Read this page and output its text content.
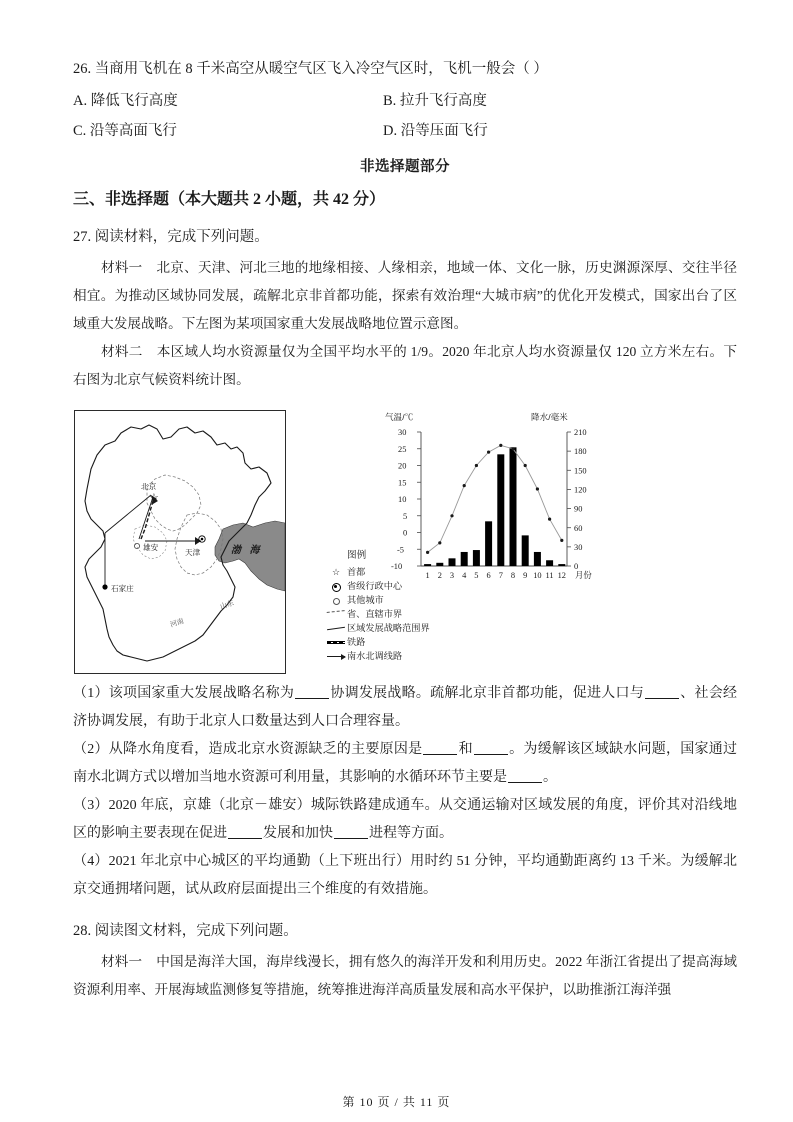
26. 当商用飞机在 8 千米高空从暖空气区飞入冷空气区时，飞机一般会（ ）
A. 降低飞行高度	B. 拉升飞行高度
C. 沿等高面飞行	D. 沿等压面飞行
非选择题部分
三、非选择题（本大题共 2 小题，共 42 分）
27. 阅读材料，完成下列问题。

材料一 北京、天津、河北三地的地缘相接、人缘相亲，地域一体、文化一脉，历史渊源深厚、交往半径相宜。为推动区域协同发展，疏解北京非首都功能，探索有效治理“大城市病”的优化开发模式，国家出台了区域重大发展战略。下左图为某项国家重大发展战略地位置示意图。

材料二 本区域人均水资源量仅为全国平均水平的 1/9。2020 年北京人均水资源量仅 120 立方米左右。下右图为北京气候资料统计图。

北京
☆
天津
石家庄
雄安	渤 海
山东
河南
图例
☆
首都
省级行政中心
其他城市
省、直辖市界
区域发展战略范围界
铁路
南水北调线路
气温/℃	降水/毫米
-10
-5
0
5
10
15
20
25
30
0
30
60
90
120
150
180
210
1 2 3 4 5 6 7 8 9 10 11 12 月份

（1）该项国家重大发展战略名称为	协调发展战略。疏解北京非首都功能，促进人口与	、社会经济协调发展，有助于北京人口数量达到人口合理容量。

（2）从降水角度看，造成北京水资源缺乏的主要原因是	和	。为缓解该区域缺水问题，国家通过南水北调方式以增加当地水资源可利用量，其影响的水循环环节主要是	。

（3）2020 年底，京雄（北京－雄安）城际铁路建成通车。从交通运输对区域发展的角度，评价其对沿线地区的影响主要表现在促进	发展和加快	进程等方面。

（4）2021 年北京中心城区的平均通勤（上下班出行）用时约 51 分钟，平均通勤距离约 13 千米。为缓解北京交通拥堵问题，试从政府层面提出三个维度的有效措施。

28. 阅读图文材料，完成下列问题。

材料一 中国是海洋大国，海岸线漫长，拥有悠久的海洋开发和利用历史。2022 年浙江省提出了提高海域资源利用率、开展海域监测修复等措施，统筹推进海洋高质量发展和高水平保护，以助推浙江海洋强

第 10 页 / 共 11 页
